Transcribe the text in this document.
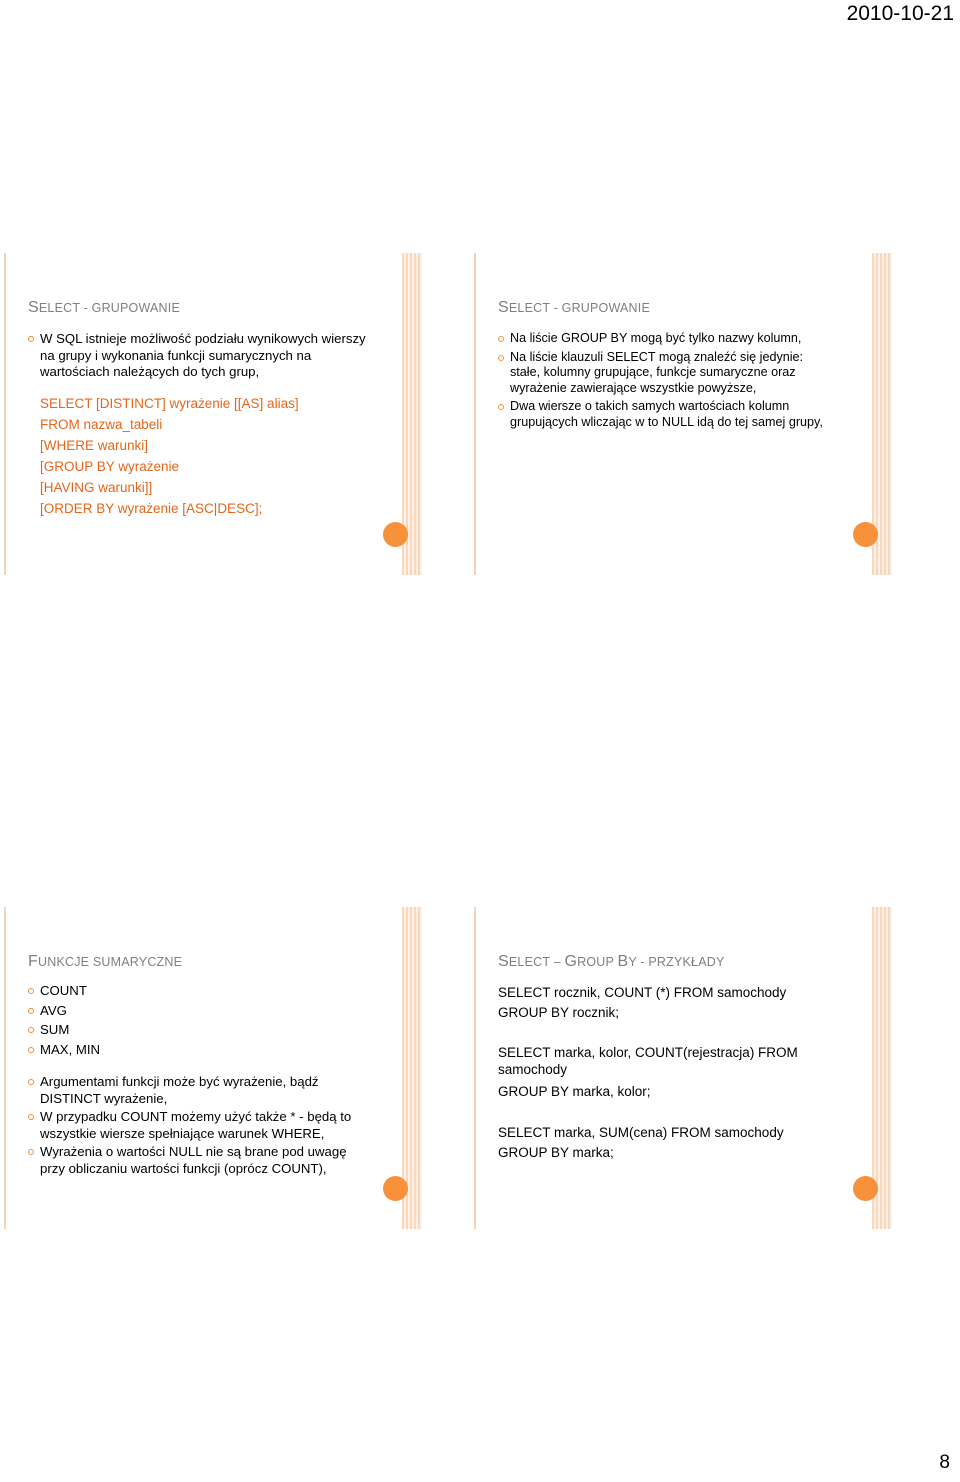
2010-10-21
SELECT - GRUPOWANIE
W SQL istnieje możliwość podziału wynikowych wierszy na grupy i wykonania funkcji sumarycznych na wartościach należących do tych grup,
SELECT [DISTINCT] wyrażenie [[AS] alias]
FROM nazwa_tabeli
[WHERE warunki]
[GROUP BY wyrażenie
[HAVING warunki]]
[ORDER BY wyrażenie [ASC|DESC];
SELECT - GRUPOWANIE
Na liście GROUP BY mogą być tylko nazwy kolumn,
Na liście klauzuli SELECT mogą znaleźć się jedynie: stałe, kolumny grupujące, funkcje sumaryczne oraz wyrażenie zawierające wszystkie powyższe,
Dwa wiersze o takich samych wartościach kolumn grupujących wliczając w to NULL idą do tej samej grupy,
FUNKCJE SUMARYCZNE
COUNT
AVG
SUM
MAX, MIN
Argumentami funkcji może być wyrażenie, bądź DISTINCT wyrażenie,
W przypadku COUNT możemy użyć także * - będą to wszystkie wiersze spełniające warunek WHERE,
Wyrażenia o wartości NULL nie są brane pod uwagę przy obliczaniu wartości funkcji (oprócz COUNT),
SELECT – GROUP BY - PRZYKŁADY
SELECT rocznik, COUNT (*) FROM samochody
GROUP BY rocznik;
SELECT marka, kolor, COUNT(rejestracja) FROM samochody
GROUP BY marka, kolor;
SELECT marka, SUM(cena) FROM samochody
GROUP BY marka;
8
